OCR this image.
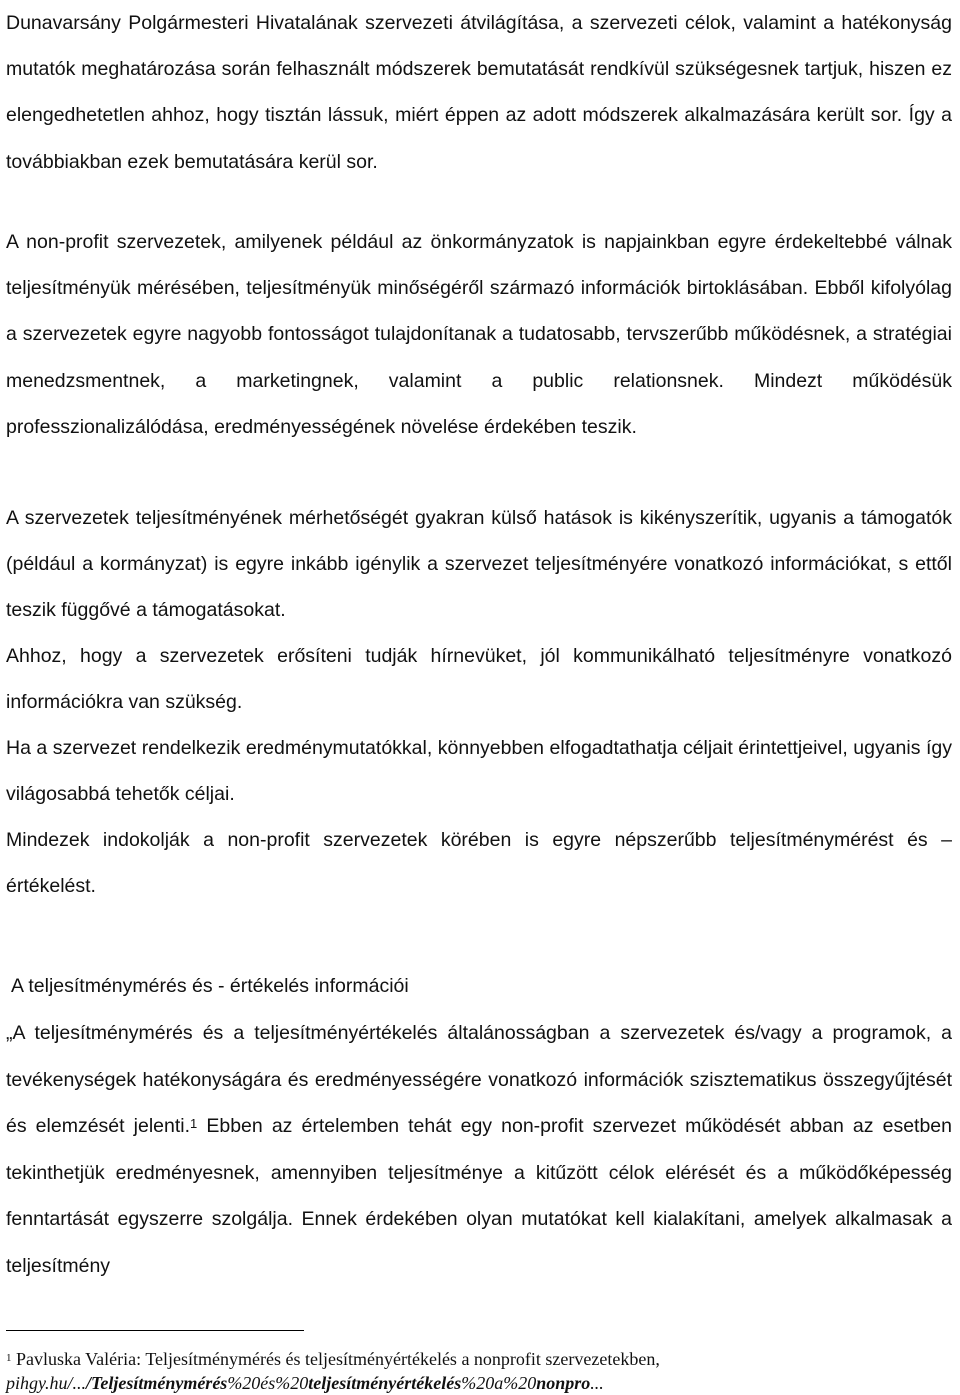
Dunavarsány Polgármesteri Hivatalának szervezeti átvilágítása, a szervezeti célok, valamint a hatékonyság mutatók meghatározása során felhasznált módszerek bemutatását rendkívül szükségesnek tartjuk, hiszen ez elengedhetetlen ahhoz, hogy tisztán lássuk, miért éppen az adott módszerek alkalmazására került sor. Így a továbbiakban ezek bemutatására kerül sor.

A non-profit szervezetek, amilyenek például az önkormányzatok is napjainkban egyre érdekeltebbé válnak teljesítményük mérésében, teljesítményük minőségéről származó információk birtoklásában. Ebből kifolyólag a szervezetek egyre nagyobb fontosságot tulajdonítanak a tudatosabb, tervszerűbb működésnek, a stratégiai menedzsmentnek, a marketingnek, valamint a public relationsnek. Mindezt működésük professzionalizálódása, eredményességének növelése érdekében teszik.

A szervezetek teljesítményének mérhetőségét gyakran külső hatások is kikényszerítik, ugyanis a támogatók (például a kormányzat) is egyre inkább igénylik a szervezet teljesítményére vonatkozó információkat, s ettől teszik függővé a támogatásokat.

Ahhoz, hogy a szervezetek erősíteni tudják hírnevüket, jól kommunikálható teljesítményre vonatkozó információkra van szükség.

Ha a szervezet rendelkezik eredménymutatókkal, könnyebben elfogadtathatja céljait érintettjeivel, ugyanis így világosabbá tehetők céljai.

Mindezek indokolják a non-profit szervezetek körében is egyre népszerűbb teljesítménymérést és –értékelést.

A teljesítménymérés és - értékelés információi

„A teljesítménymérés és a teljesítményértékelés általánosságban a szervezetek és/vagy a programok, a tevékenységek hatékonyságára és eredményességére vonatkozó információk szisztematikus összegyűjtését és elemzését jelenti.$^1$ Ebben az értelemben tehát egy non-profit szervezet működését abban az esetben tekinthetjük eredményesnek, amennyiben teljesítménye a kitűzött célok elérését és a működőképesség fenntartását egyszerre szolgálja. Ennek érdekében olyan mutatókat kell kialakítani, amelyek alkalmasak a teljesítmény

$^1$ Pavluska Valéria: Teljesítménymérés és teljesítményértékelés a nonprofit szervezetekben,

pihgy.hu/.../Teljesítménymérés%20és%20teljesítményértékelés%20a%20nonpro...
